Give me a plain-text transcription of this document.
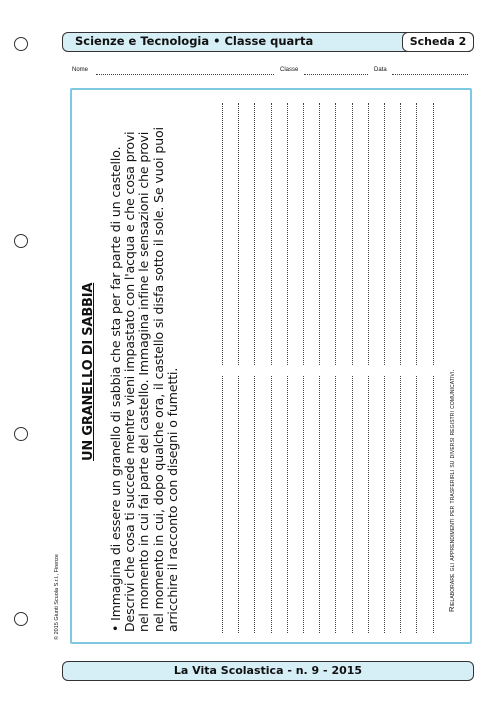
Scienze e Tecnologia • Classe quarta	Scheda 2
Nome	Classe	Data
UN GRANELLO DI SABBIA • Immagina di essere un granello di sabbia che sta per far parte di un castello. Descrivi che cosa ti succede mentre vieni impastato con l'acqua e che cosa provi nel momento in cui fai parte del castello. Immagina infine le sensazioni che provi nel momento in cui, dopo qualche ora, il castello si disfa sotto il sole. Se vuoi puoi arricchire il racconto con disegni o fumetti.	Rielaborare gli apprendimenti per trasferirli su diversi registri comunicativi.
© 2015 Giunti Scuola S.r.l., Firenze
La Vita Scolastica - n. 9 - 2015
